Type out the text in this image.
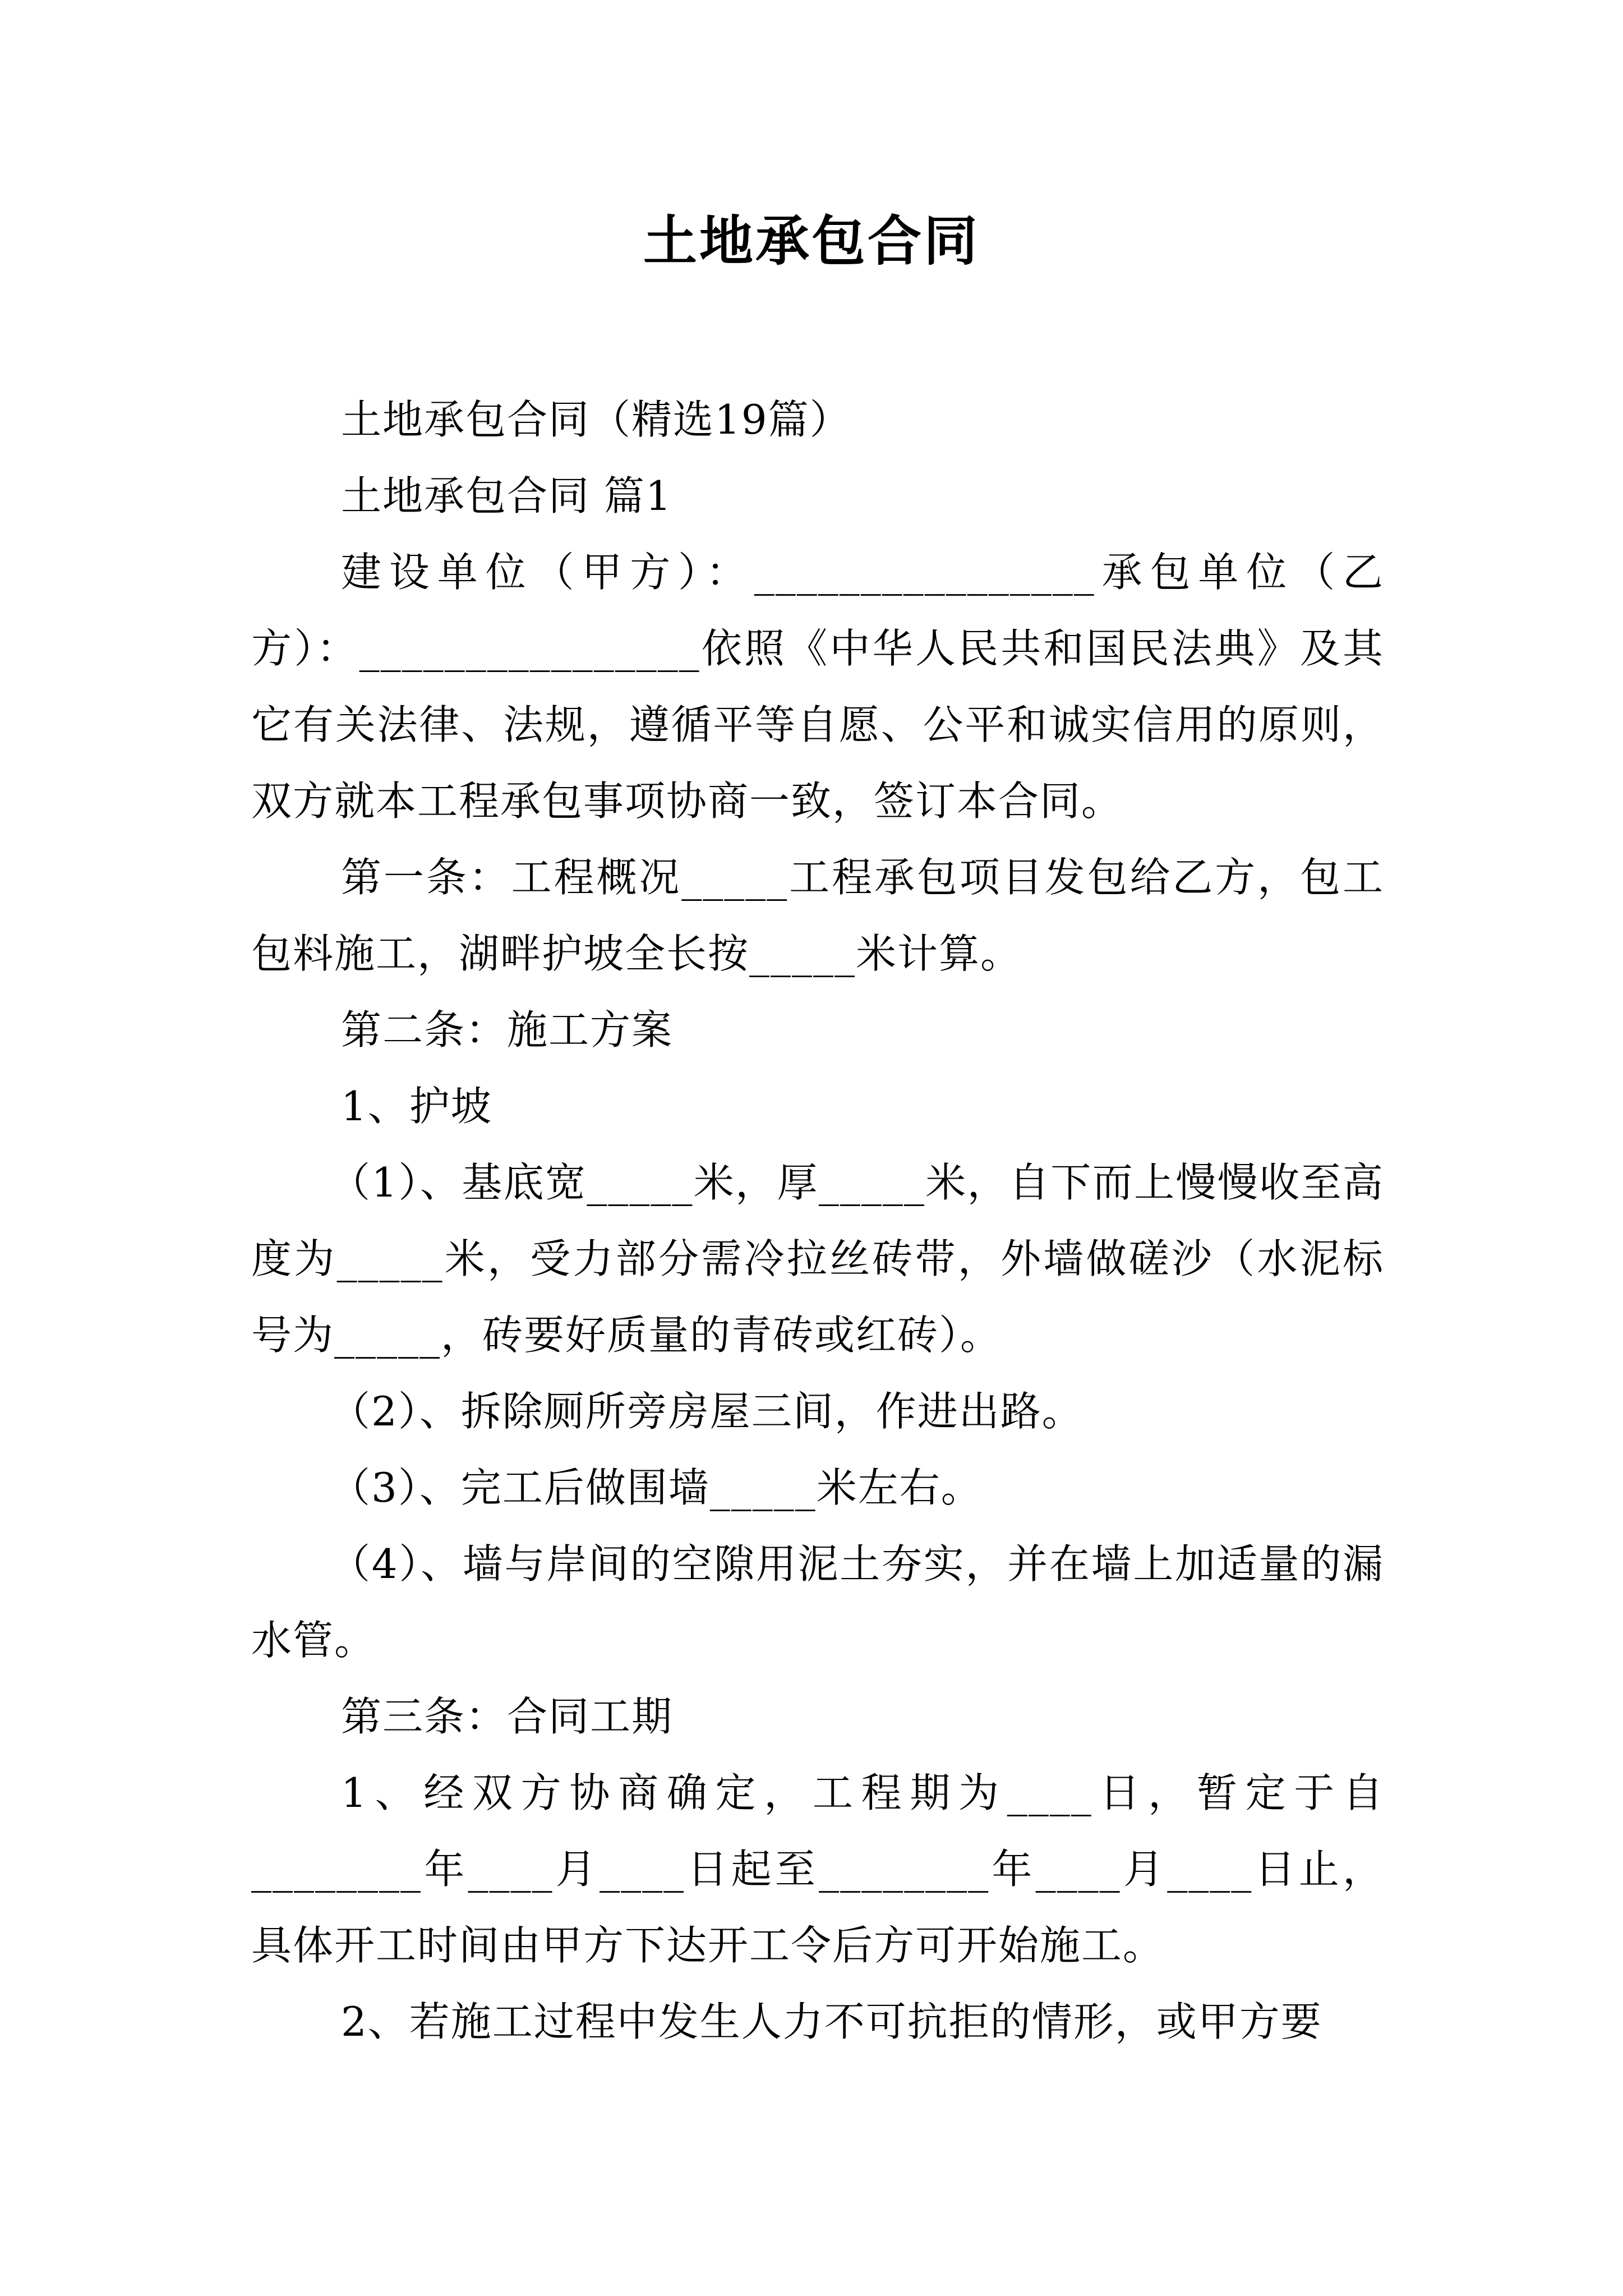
土地承包合同

土地承包合同（精选19篇）

土地承包合同 篇1

建设单位（甲方）：________________承包单位（乙方）：________________依照《中华人民共和国民法典》及其它有关法律、法规，遵循平等自愿、公平和诚实信用的原则，双方就本工程承包事项协商一致，签订本合同。

第一条：工程概况_____工程承包项目发包给乙方，包工包料施工，湖畔护坡全长按_____米计算。

第二条：施工方案

1、护坡

（1）、基底宽_____米，厚_____米，自下而上慢慢收至高度为_____米，受力部分需冷拉丝砖带，外墙做磋沙（水泥标号为_____，砖要好质量的青砖或红砖）。

（2）、拆除厕所旁房屋三间，作进出路。

（3）、完工后做围墙_____米左右。

（4）、墙与岸间的空隙用泥土夯实，并在墙上加适量的漏水管。

第三条：合同工期

1、经双方协商确定，工程期为____日，暂定于自________年____月____日起至________年____月____日止，具体开工时间由甲方下达开工令后方可开始施工。

2、若施工过程中发生人力不可抗拒的情形，或甲方要
